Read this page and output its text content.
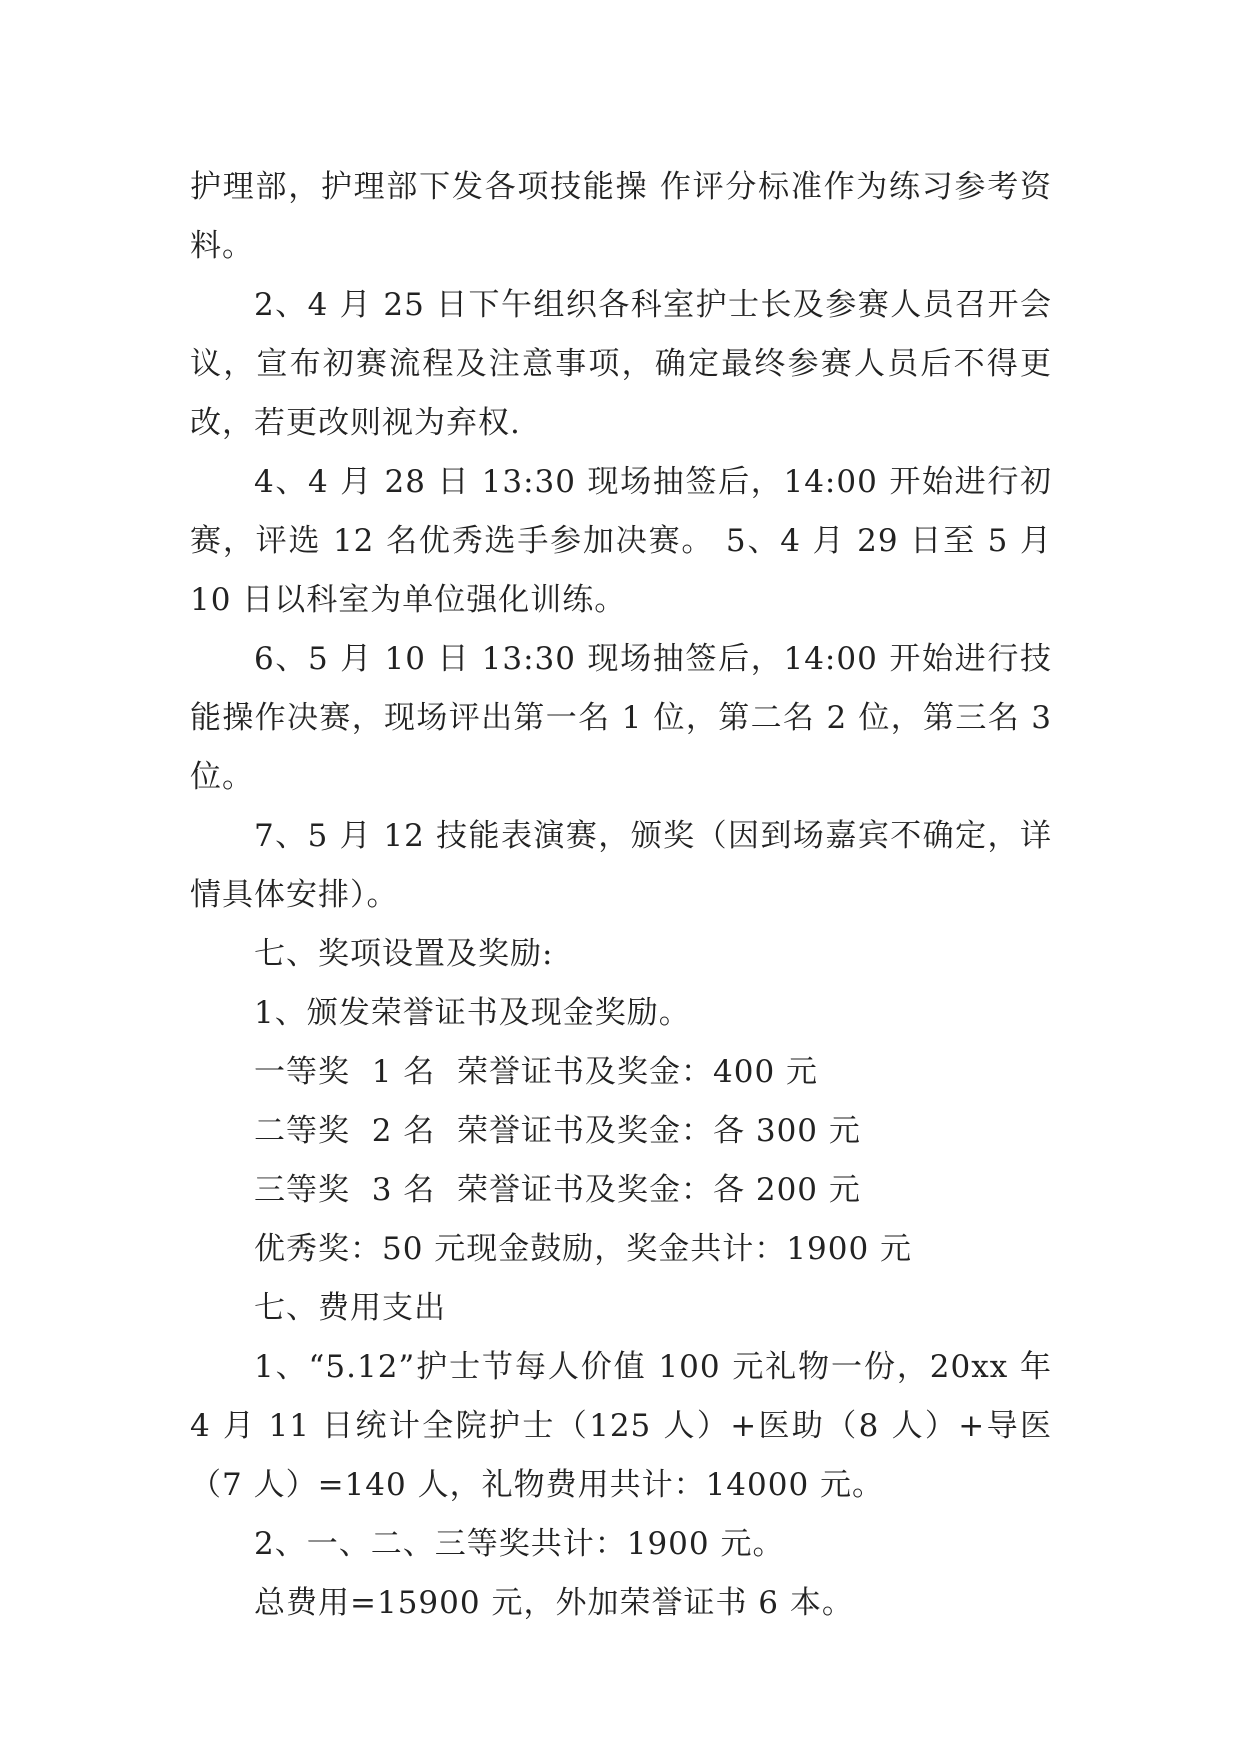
护理部，护理部下发各项技能操 作评分标准作为练习参考资料。

2、4 月 25 日下午组织各科室护士长及参赛人员召开会议，宣布初赛流程及注意事项，确定最终参赛人员后不得更改，若更改则视为弃权.

4、4 月 28 日 13:30 现场抽签后，14:00 开始进行初赛，评选 12 名优秀选手参加决赛。 5、4 月 29 日至 5 月 10 日以科室为单位强化训练。

6、5 月 10 日 13:30 现场抽签后，14:00 开始进行技能操作决赛，现场评出第一名 1 位，第二名 2 位，第三名 3 位。

7、5 月 12 技能表演赛，颁奖（因到场嘉宾不确定，详情具体安排）。

七、奖项设置及奖励:

1、颁发荣誉证书及现金奖励。

一等奖  1 名  荣誉证书及奖金：400 元

二等奖  2 名  荣誉证书及奖金：各 300 元

三等奖  3 名  荣誉证书及奖金：各 200 元

优秀奖：50 元现金鼓励，奖金共计：1900 元

七、费用支出

1、“5.12”护士节每人价值 100 元礼物一份，20xx 年 4 月 11 日统计全院护士（125 人）+医助（8 人）+导医（7 人）=140 人，礼物费用共计：14000 元。

2、一、二、三等奖共计：1900 元。

总费用=15900 元，外加荣誉证书 6 本。
